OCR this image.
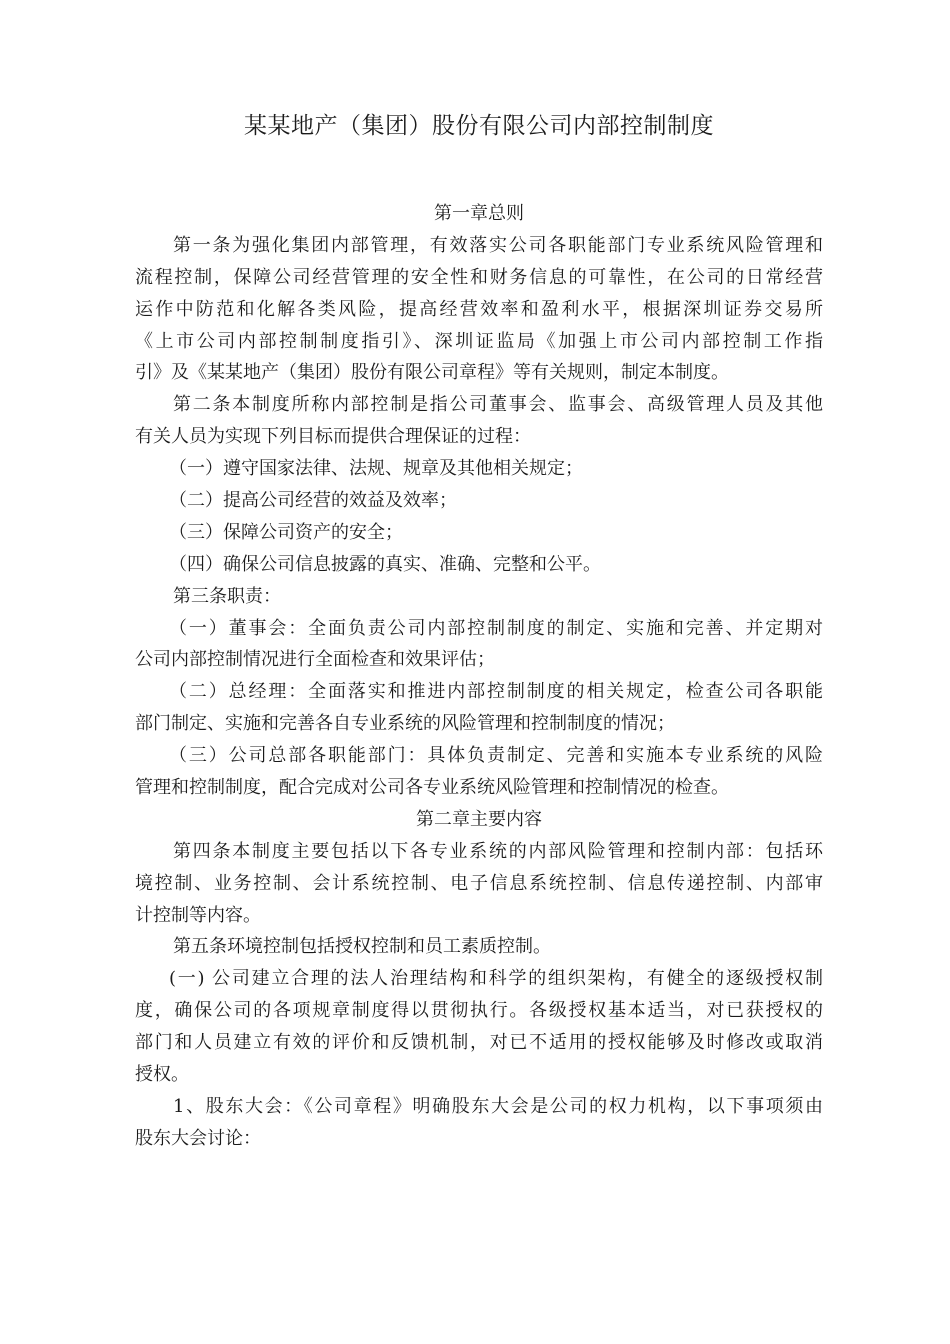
某某地产（集团）股份有限公司内部控制制度
第一章总则
第一条为强化集团内部管理，有效落实公司各职能部门专业系统风险管理和
流程控制，保障公司经营管理的安全性和财务信息的可靠性，在公司的日常经营
运作中防范和化解各类风险，提高经营效率和盈利水平，根据深圳证券交易所
《上市公司内部控制制度指引》、深圳证监局《加强上市公司内部控制工作指
引》及《某某地产（集团）股份有限公司章程》等有关规则，制定本制度。
第二条本制度所称内部控制是指公司董事会、监事会、高级管理人员及其他
有关人员为实现下列目标而提供合理保证的过程：
（一）遵守国家法律、法规、规章及其他相关规定；
（二）提高公司经营的效益及效率；
（三）保障公司资产的安全；
（四）确保公司信息披露的真实、准确、完整和公平。
第三条职责：
（一）董事会：全面负责公司内部控制制度的制定、实施和完善、并定期对
公司内部控制情况进行全面检查和效果评估；
（二）总经理：全面落实和推进内部控制制度的相关规定，检查公司各职能
部门制定、实施和完善各自专业系统的风险管理和控制制度的情况；
（三）公司总部各职能部门：具体负责制定、完善和实施本专业系统的风险
管理和控制制度，配合完成对公司各专业系统风险管理和控制情况的检查。
第二章主要内容
第四条本制度主要包括以下各专业系统的内部风险管理和控制内部：包括环
境控制、业务控制、会计系统控制、电子信息系统控制、信息传递控制、内部审
计控制等内容。
第五条环境控制包括授权控制和员工素质控制。
(一) 公司建立合理的法人治理结构和科学的组织架构，有健全的逐级授权制
度，确保公司的各项规章制度得以贯彻执行。各级授权基本适当，对已获授权的
部门和人员建立有效的评价和反馈机制，对已不适用的授权能够及时修改或取消
授权。
1、股东大会：《公司章程》明确股东大会是公司的权力机构，以下事项须由
股东大会讨论：
